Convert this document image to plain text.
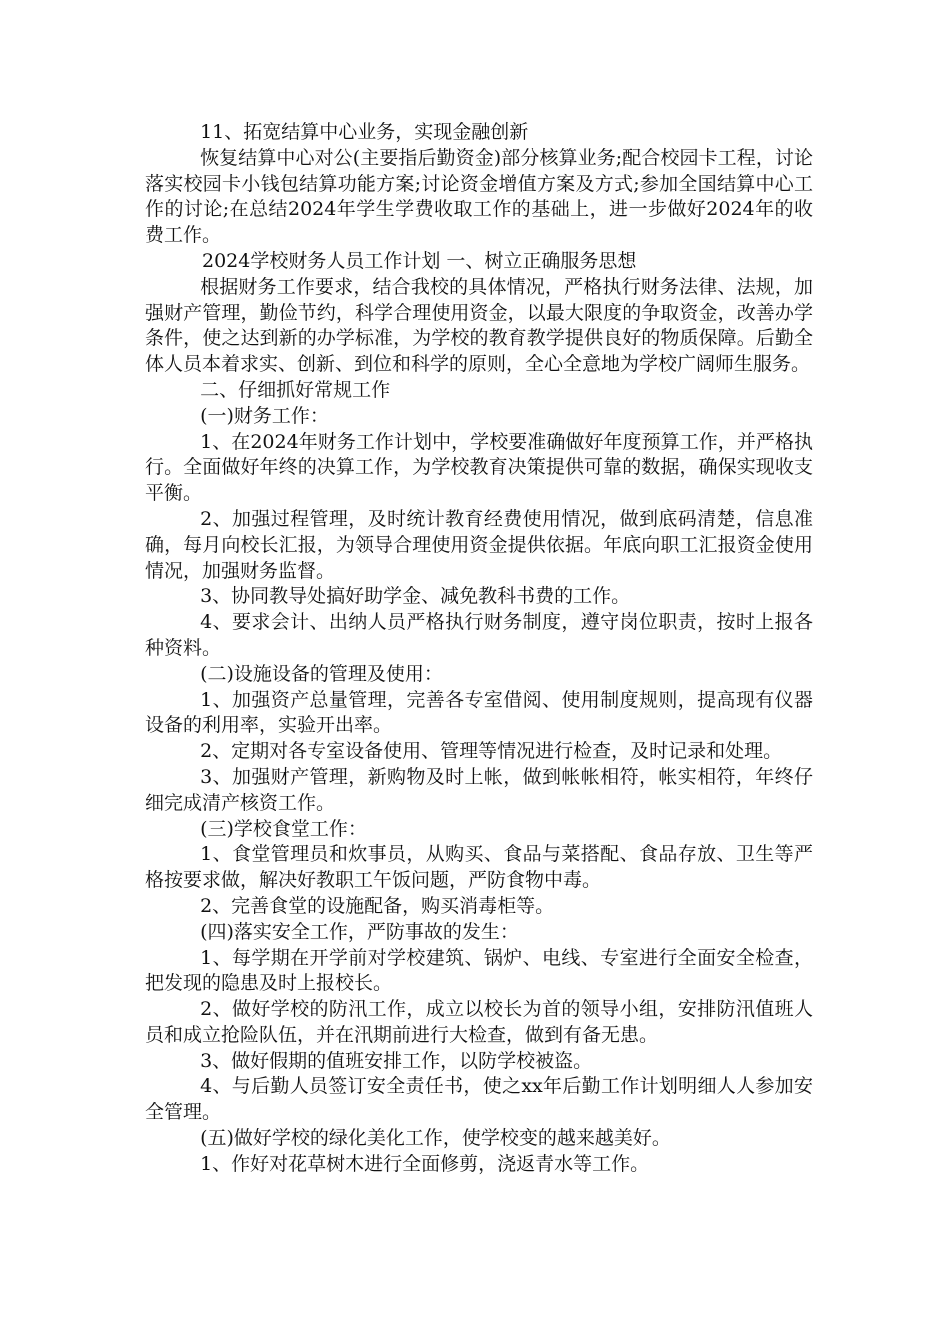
11、拓宽结算中心业务，实现金融创新

恢复结算中心对公(主要指后勤资金)部分核算业务;配合校园卡工程，讨论落实校园卡小钱包结算功能方案;讨论资金增值方案及方式;参加全国结算中心工作的讨论;在总结2024年学生学费收取工作的基础上，进一步做好2024年的收费工作。

2024学校财务人员工作计划 一、树立正确服务思想

根据财务工作要求，结合我校的具体情况，严格执行财务法律、法规，加强财产管理，勤俭节约，科学合理使用资金，以最大限度的争取资金，改善办学条件，使之达到新的办学标准，为学校的教育教学提供良好的物质保障。后勤全体人员本着求实、创新、到位和科学的原则，全心全意地为学校广阔师生服务。

二、仔细抓好常规工作

(一)财务工作：

1、在2024年财务工作计划中，学校要准确做好年度预算工作，并严格执行。全面做好年终的决算工作，为学校教育决策提供可靠的数据，确保实现收支平衡。

2、加强过程管理，及时统计教育经费使用情况，做到底码清楚，信息准确，每月向校长汇报，为领导合理使用资金提供依据。年底向职工汇报资金使用情况，加强财务监督。

3、协同教导处搞好助学金、减免教科书费的工作。

4、要求会计、出纳人员严格执行财务制度，遵守岗位职责，按时上报各种资料。

(二)设施设备的管理及使用：

1、加强资产总量管理，完善各专室借阅、使用制度规则，提高现有仪器设备的利用率，实验开出率。

2、定期对各专室设备使用、管理等情况进行检查，及时记录和处理。

3、加强财产管理，新购物及时上帐，做到帐帐相符，帐实相符，年终仔细完成清产核资工作。

(三)学校食堂工作：

1、食堂管理员和炊事员，从购买、食品与菜搭配、食品存放、卫生等严格按要求做，解决好教职工午饭问题，严防食物中毒。

2、完善食堂的设施配备，购买消毒柜等。

(四)落实安全工作，严防事故的发生：

1、每学期在开学前对学校建筑、锅炉、电线、专室进行全面安全检查，把发现的隐患及时上报校长。

2、做好学校的防汛工作，成立以校长为首的领导小组，安排防汛值班人员和成立抢险队伍，并在汛期前进行大检查，做到有备无患。

3、做好假期的值班安排工作，以防学校被盗。

4、与后勤人员签订安全责任书，使之xx年后勤工作计划明细人人参加安全管理。

(五)做好学校的绿化美化工作，使学校变的越来越美好。

1、作好对花草树木进行全面修剪，浇返青水等工作。
